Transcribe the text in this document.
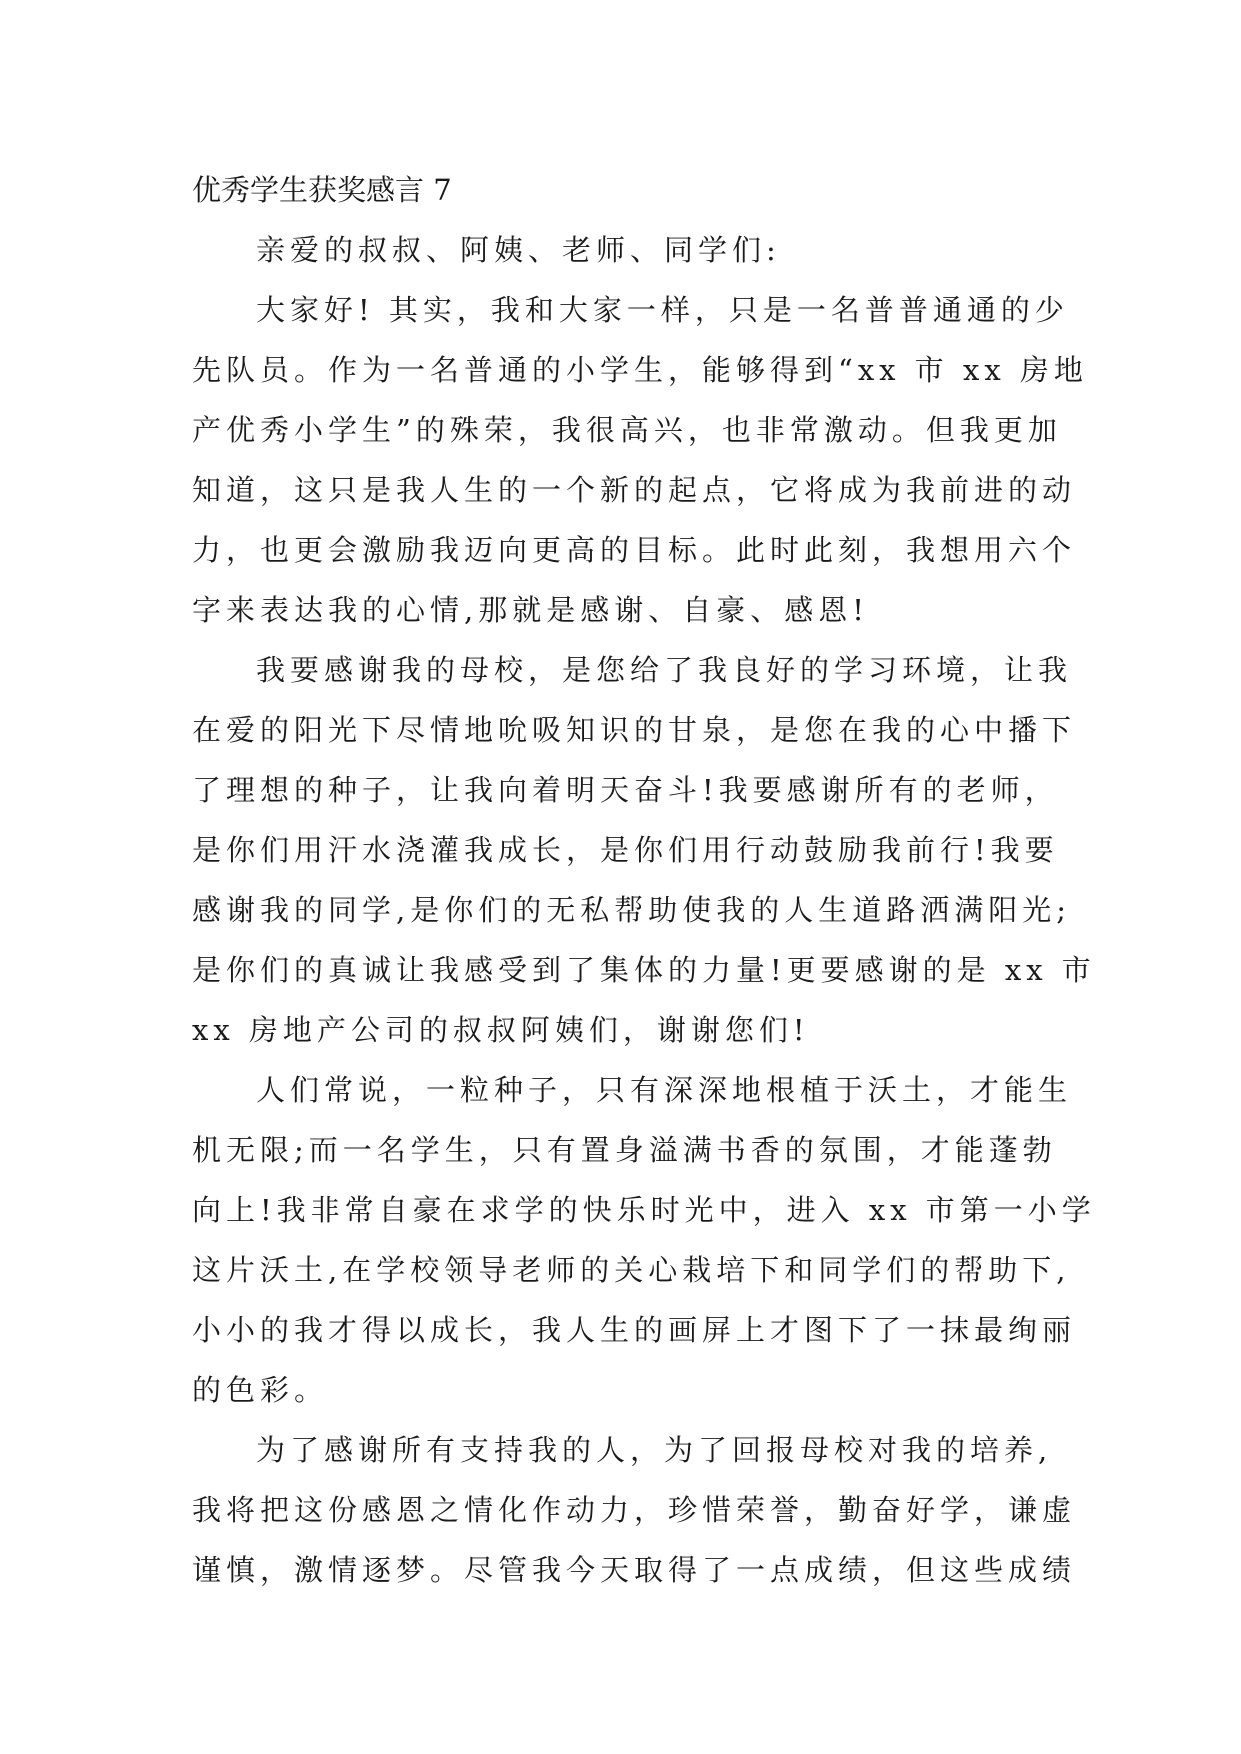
优秀学生获奖感言 7

亲爱的叔叔、阿姨、老师、同学们:

大家好! 其实，我和大家一样，只是一名普普通通的少

先队员。作为一名普通的小学生，能够得到“xx 市 xx 房地

产优秀小学生”的殊荣，我很高兴，也非常激动。但我更加

知道，这只是我人生的一个新的起点，它将成为我前进的动

力，也更会激励我迈向更高的目标。此时此刻，我想用六个

字来表达我的心情,那就是感谢、自豪、感恩!

我要感谢我的母校，是您给了我良好的学习环境，让我

在爱的阳光下尽情地吮吸知识的甘泉，是您在我的心中播下

了理想的种子，让我向着明天奋斗!我要感谢所有的老师，

是你们用汗水浇灌我成长，是你们用行动鼓励我前行!我要

感谢我的同学,是你们的无私帮助使我的人生道路洒满阳光;

是你们的真诚让我感受到了集体的力量!更要感谢的是 xx 市

xx 房地产公司的叔叔阿姨们，谢谢您们!

人们常说，一粒种子，只有深深地根植于沃土，才能生

机无限;而一名学生，只有置身溢满书香的氛围，才能蓬勃

向上!我非常自豪在求学的快乐时光中，进入 xx 市第一小学

这片沃土,在学校领导老师的关心栽培下和同学们的帮助下,

小小的我才得以成长，我人生的画屏上才图下了一抹最绚丽

的色彩。

为了感谢所有支持我的人，为了回报母校对我的培养,

我将把这份感恩之情化作动力，珍惜荣誉，勤奋好学，谦虚

谨慎，激情逐梦。尽管我今天取得了一点成绩，但这些成绩
